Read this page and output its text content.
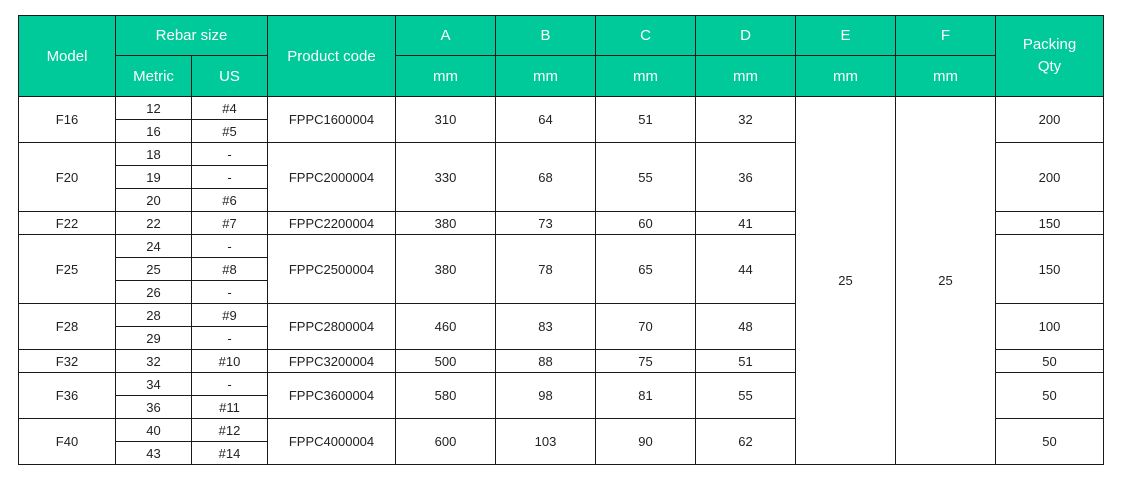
Model	Rebar size		Product code	A	B	C	D	E	F	Packing
Qty
	Metric	US		mm	mm	mm	mm	mm	mm	
F16	12	#4	FPPC1600004	310	64	51	32	25	25	200
	16	#5								
F20	18	-	FPPC2000004	330	68	55	36			200
	19	-								
	20	#6								
F22	22	#7	FPPC2200004	380	73	60	41			150
F25	24	-	FPPC2500004	380	78	65	44			150
	25	#8								
	26	-								
F28	28	#9	FPPC2800004	460	83	70	48			100
	29	-								
F32	32	#10	FPPC3200004	500	88	75	51			50
F36	34	-	FPPC3600004	580	98	81	55			50
	36	#11								
F40	40	#12	FPPC4000004	600	103	90	62			50
	43	#14								
